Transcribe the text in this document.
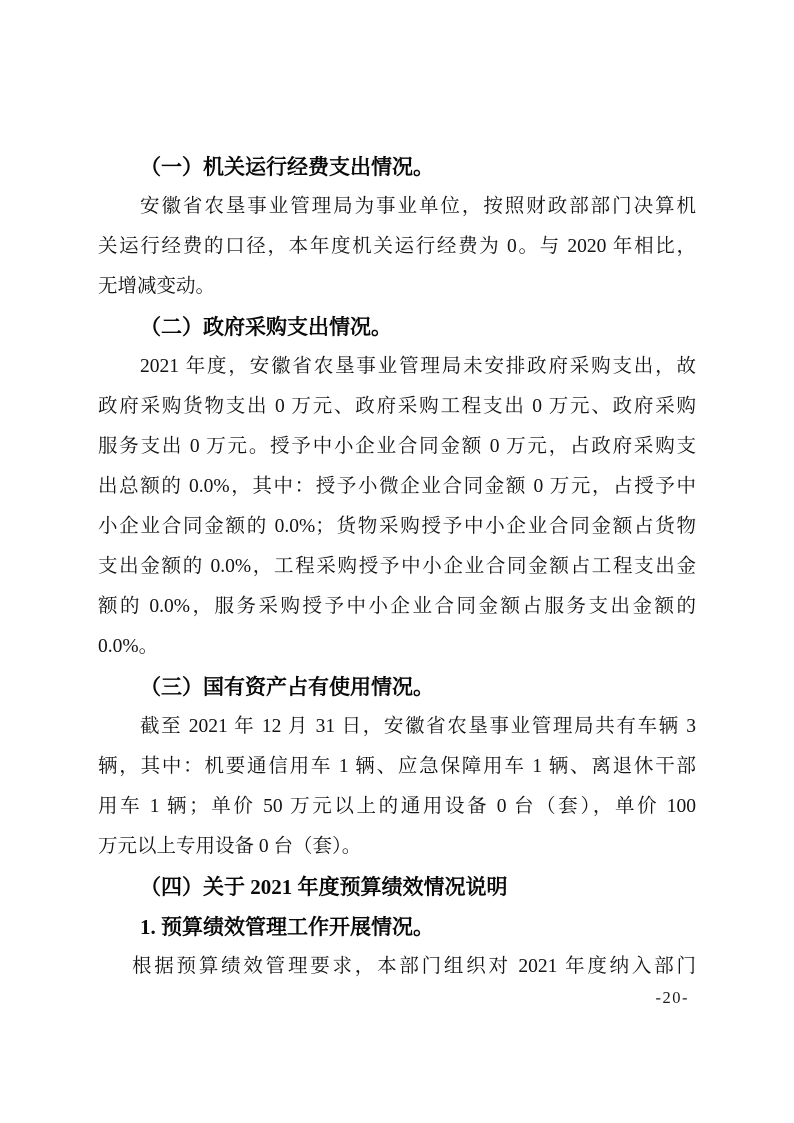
（一）机关运行经费支出情况。
安徽省农垦事业管理局为事业单位，按照财政部部门决算机
关运行经费的口径，本年度机关运行经费为 0。与 2020 年相比，
无增减变动。
（二）政府采购支出情况。
2021 年度，安徽省农垦事业管理局未安排政府采购支出，故
政府采购货物支出 0 万元、政府采购工程支出 0 万元、政府采购
服务支出 0 万元。授予中小企业合同金额 0 万元，占政府采购支
出总额的 0.0%，其中：授予小微企业合同金额 0 万元，占授予中
小企业合同金额的 0.0%；货物采购授予中小企业合同金额占货物
支出金额的 0.0%，工程采购授予中小企业合同金额占工程支出金
额的 0.0%，服务采购授予中小企业合同金额占服务支出金额的
0.0%。
（三）国有资产占有使用情况。
截至 2021 年 12 月 31 日，安徽省农垦事业管理局共有车辆 3
辆，其中：机要通信用车 1 辆、应急保障用车 1 辆、离退休干部
用车 1 辆；单价 50 万元以上的通用设备 0 台（套），单价 100
万元以上专用设备 0 台（套）。
（四）关于 2021 年度预算绩效情况说明
1. 预算绩效管理工作开展情况。
根据预算绩效管理要求，本部门组织对 2021 年度纳入部门
-20-
